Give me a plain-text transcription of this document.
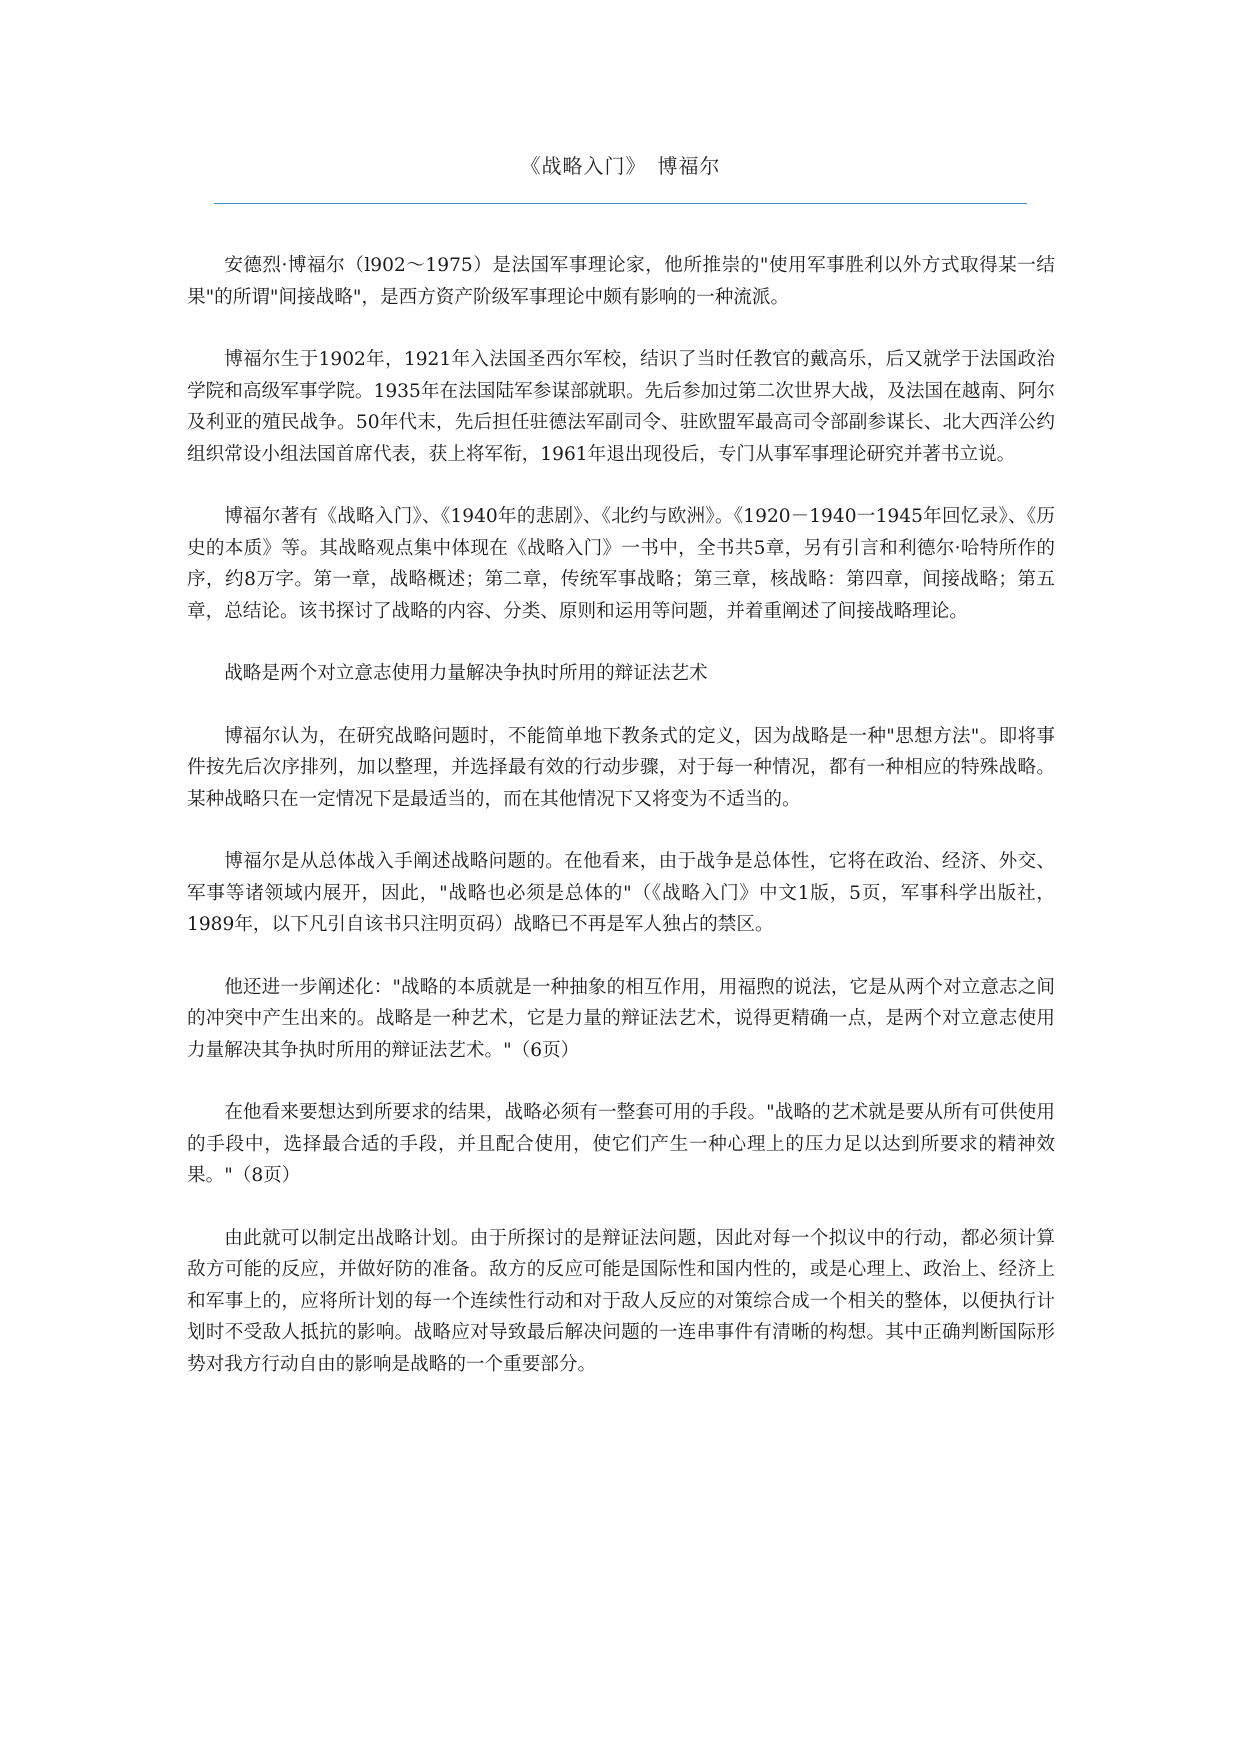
《战略入门》　博福尔

安德烈·博福尔（l902～1975）是法国军事理论家，他所推崇的"使用军事胜利以外方式取得某一结果"的所谓"间接战略"，是西方资产阶级军事理论中颇有影响的一种流派。

博福尔生于1902年，1921年入法国圣西尔军校，结识了当时任教官的戴高乐，后又就学于法国政治学院和高级军事学院。1935年在法国陆军参谋部就职。先后参加过第二次世界大战，及法国在越南、阿尔及利亚的殖民战争。50年代末，先后担任驻德法军副司令、驻欧盟军最高司令部副参谋长、北大西洋公约组织常设小组法国首席代表，获上将军衔，1961年退出现役后，专门从事军事理论研究并著书立说。

博福尔著有《战略入门》、《1940年的悲剧》、《北约与欧洲》。《1920－1940一1945年回忆录》、《历史的本质》等。其战略观点集中体现在《战略入门》一书中，全书共5章，另有引言和利德尔·哈特所作的序，约8万字。第一章，战略概述；第二章，传统军事战略；第三章，核战略：第四章，间接战略；第五章，总结论。该书探讨了战略的内容、分类、原则和运用等问题，并着重阐述了间接战略理论。

战略是两个对立意志使用力量解决争执时所用的辩证法艺术

博福尔认为，在研究战略问题时，不能简单地下教条式的定义，因为战略是一种"思想方法"。即将事件按先后次序排列，加以整理，并选择最有效的行动步骤，对于每一种情况，都有一种相应的特殊战略。某种战略只在一定情况下是最适当的，而在其他情况下又将变为不适当的。

博福尔是从总体战入手阐述战略问题的。在他看来，由于战争是总体性，它将在政治、经济、外交、军事等诸领域内展开，因此，"战略也必须是总体的"（《战略入门》中文1版，5页，军事科学出版社，1989年，以下凡引自该书只注明页码）战略已不再是军人独占的禁区。

他还进一步阐述化："战略的本质就是一种抽象的相互作用，用福煦的说法，它是从两个对立意志之间的冲突中产生出来的。战略是一种艺术，它是力量的辩证法艺术，说得更精确一点，是两个对立意志使用力量解决其争执时所用的辩证法艺术。"（6页）

在他看来要想达到所要求的结果，战略必须有一整套可用的手段。"战略的艺术就是要从所有可供使用的手段中，选择最合适的手段，并且配合使用，使它们产生一种心理上的压力足以达到所要求的精神效果。"（8页）

由此就可以制定出战略计划。由于所探讨的是辩证法问题，因此对每一个拟议中的行动，都必须计算敌方可能的反应，并做好防的准备。敌方的反应可能是国际性和国内性的，或是心理上、政治上、经济上和军事上的，应将所计划的每一个连续性行动和对于敌人反应的对策综合成一个相关的整体，以便执行计划时不受敌人抵抗的影响。战略应对导致最后解决问题的一连串事件有清晰的构想。其中正确判断国际形势对我方行动自由的影响是战略的一个重要部分。
